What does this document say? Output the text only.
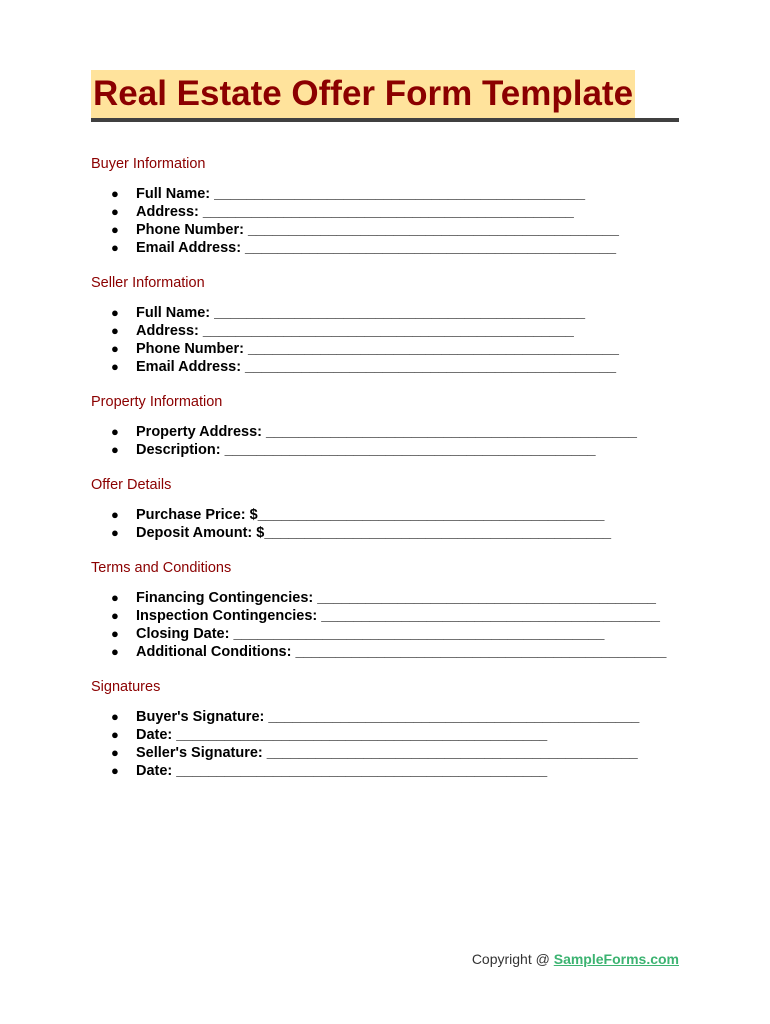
Real Estate Offer Form Template
Buyer Information
● Full Name: ______________________________________________
● Address: ______________________________________________
● Phone Number: ______________________________________________
● Email Address: ______________________________________________
Seller Information
● Full Name: ______________________________________________
● Address: ______________________________________________
● Phone Number: ______________________________________________
● Email Address: ______________________________________________
Property Information
● Property Address: ______________________________________________
● Description: ______________________________________________
Offer Details
● Purchase Price: $___________________________________________
● Deposit Amount: $___________________________________________
Terms and Conditions
● Financing Contingencies: __________________________________________
● Inspection Contingencies: __________________________________________
● Closing Date: ______________________________________________
● Additional Conditions: ______________________________________________
Signatures
● Buyer's Signature: ______________________________________________
● Date: ______________________________________________
● Seller's Signature: ______________________________________________
● Date: ______________________________________________
Copyright @ SampleForms.com
